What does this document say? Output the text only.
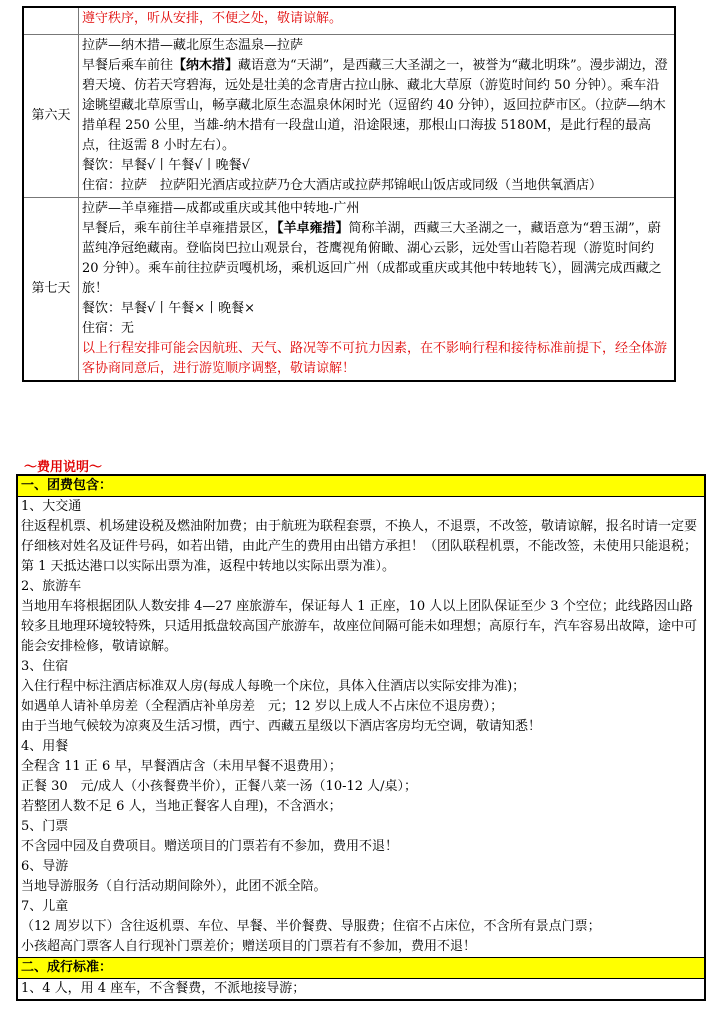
	遵守秩序，听从安排，不便之处，敬请谅解。
第六天	拉萨—纳木措—藏北原生态温泉—拉萨

早餐后乘车前往【纳木措】藏语意为“天湖”，是西藏三大圣湖之一，被誉为“藏北明珠”。漫步湖边，澄碧天境、仿若天穹碧海，远处是壮美的念青唐古拉山脉、藏北大草原（游览时间约 50 分钟）。乘车沿途眺望藏北草原雪山，畅享藏北原生态温泉休闲时光（逗留约 40 分钟），返回拉萨市区。（拉萨—纳木措单程 250 公里，当雄-纳木措有一段盘山道，沿途限速，那根山口海拔 5180M，是此行程的最高点，往返需 8 小时左右）。

餐饮：早餐√丨午餐√丨晚餐√

住宿：拉萨　拉萨阳光酒店或拉萨乃仓大酒店或拉萨邦锦岷山饭店或同级（当地供氧酒店）

第七天	拉萨—羊卓雍措—成都或重庆或其他中转地-广州

早餐后，乘车前往羊卓雍措景区，【羊卓雍措】简称羊湖，西藏三大圣湖之一，藏语意为“碧玉湖”，蔚蓝纯净冠绝藏南。登临岗巴拉山观景台，苍鹰视角俯瞰、湖心云影，远处雪山若隐若现（游览时间约 20 分钟）。乘车前往拉萨贡嘎机场，乘机返回广州（成都或重庆或其他中转地转飞），圆满完成西藏之旅！

餐饮：早餐√丨午餐×丨晚餐×

住宿：无

以上行程安排可能会因航班、天气、路况等不可抗力因素，在不影响行程和接待标准前提下，经全体游客协商同意后，进行游览顺序调整，敬请谅解！

～费用说明～
一、团费包含：

1、大交通

往返程机票、机场建设税及燃油附加费；由于航班为联程套票，不换人，不退票，不改签，敬请谅解，报名时请一定要仔细核对姓名及证件号码，如若出错，由此产生的费用由出错方承担！（团队联程机票，不能改签，未使用只能退税；第 1 天抵达港口以实际出票为准，返程中转地以实际出票为准）。

2、旅游车

当地用车将根据团队人数安排 4—27 座旅游车，保证每人 1 正座，10 人以上团队保证至少 3 个空位；此线路因山路较多且地理环境较特殊，只适用抵盘较高国产旅游车，故座位间隔可能未如理想；高原行车，汽车容易出故障，途中可能会安排检修，敬请谅解。

3、住宿

入住行程中标注酒店标准双人房(每成人每晚一个床位，具体入住酒店以实际安排为准)；

如遇单人请补单房差（全程酒店补单房差　元；12 岁以上成人不占床位不退房费）；

由于当地气候较为凉爽及生活习惯，西宁、西藏五星级以下酒店客房均无空调，敬请知悉！

4、用餐

全程含 11 正 6 早，早餐酒店含（未用早餐不退费用）；

正餐 30　元/成人（小孩餐费半价），正餐八菜一汤（10-12 人/桌）；

若整团人数不足 6 人，当地正餐客人自理)，不含酒水；

5、门票

不含园中园及自费项目。赠送项目的门票若有不参加，费用不退！

6、导游

当地导游服务（自行活动期间除外），此团不派全陪。

7、儿童

（12 周岁以下）含往返机票、车位、早餐、半价餐费、导服费；住宿不占床位，不含所有景点门票；

小孩超高门票客人自行现补门票差价；赠送项目的门票若有不参加，费用不退！

二、成行标准：
1、4 人，用 4 座车，不含餐费，不派地接导游；
